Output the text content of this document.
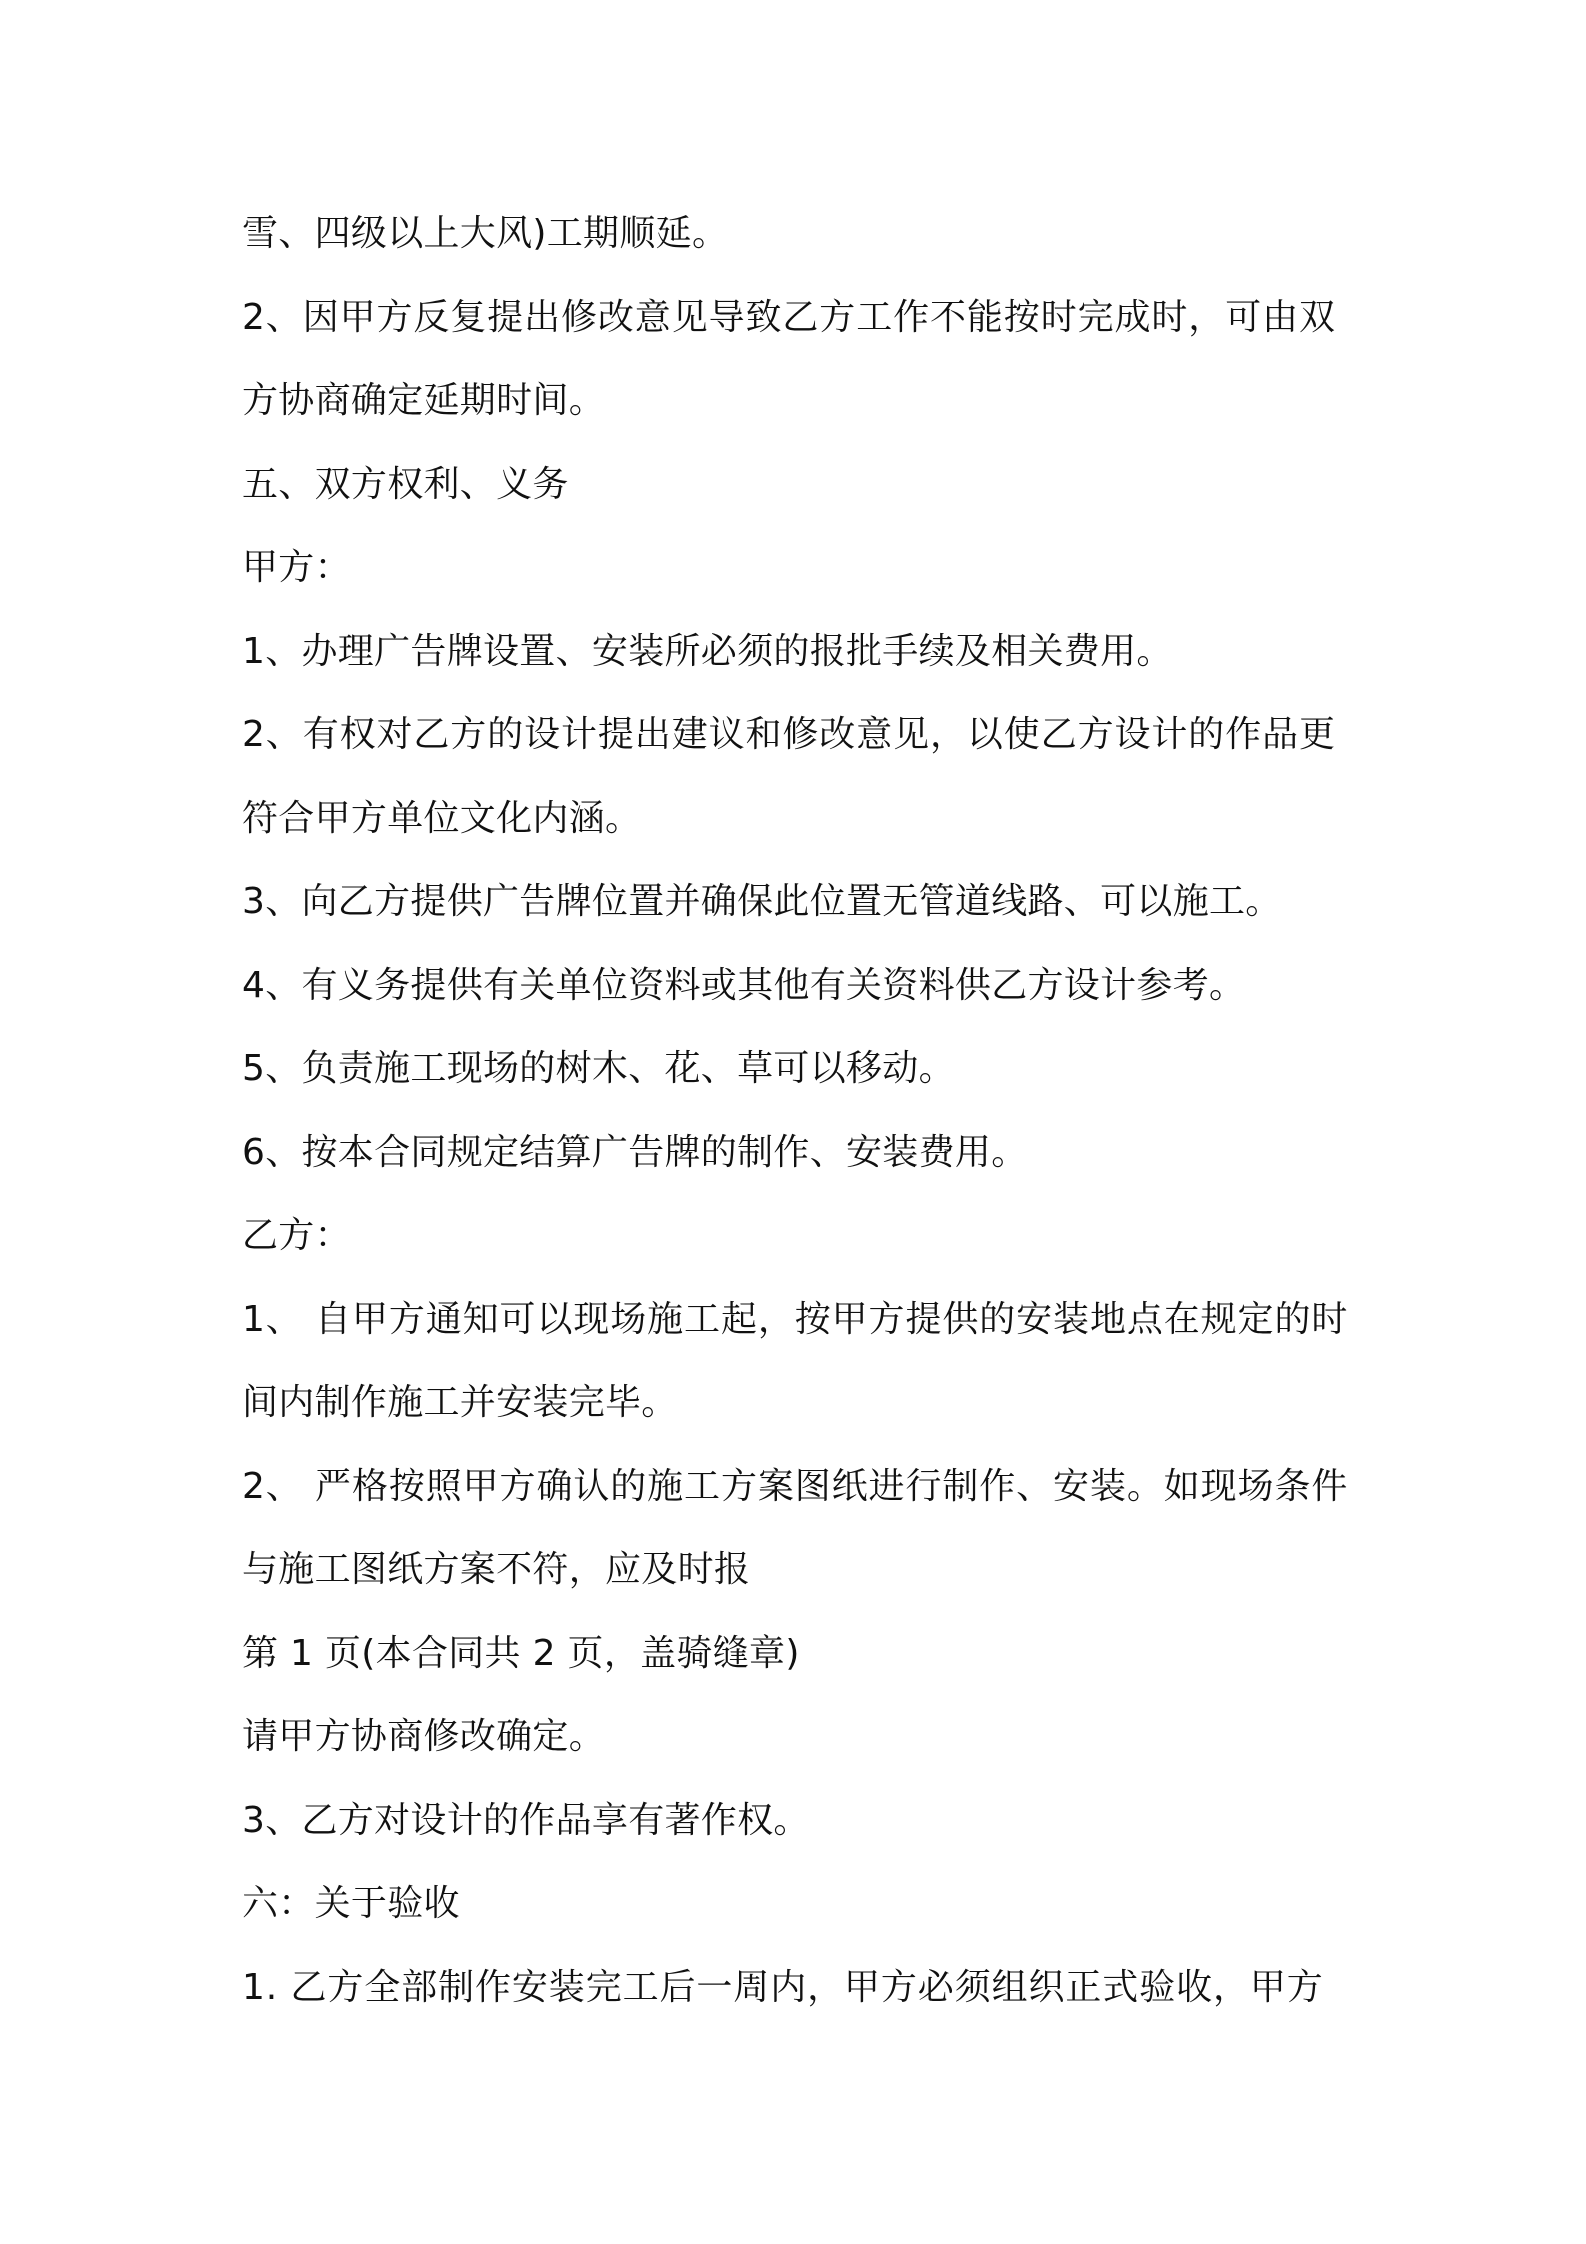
雪、四级以上大风)工期顺延。
2、因甲方反复提出修改意见导致乙方工作不能按时完成时，可由双
方协商确定延期时间。
五、双方权利、义务
甲方：
1、办理广告牌设置、安装所必须的报批手续及相关费用。
2、有权对乙方的设计提出建议和修改意见，以使乙方设计的作品更
符合甲方单位文化内涵。
3、向乙方提供广告牌位置并确保此位置无管道线路、可以施工。
4、有义务提供有关单位资料或其他有关资料供乙方设计参考。
5、负责施工现场的树木、花、草可以移动。
6、按本合同规定结算广告牌的制作、安装费用。
乙方：
1、 自甲方通知可以现场施工起，按甲方提供的安装地点在规定的时
间内制作施工并安装完毕。
2、 严格按照甲方确认的施工方案图纸进行制作、安装。如现场条件
与施工图纸方案不符，应及时报
第 1 页(本合同共 2 页，盖骑缝章)
请甲方协商修改确定。
3、乙方对设计的作品享有著作权。
六：关于验收
1. 乙方全部制作安装完工后一周内，甲方必须组织正式验收，甲方
